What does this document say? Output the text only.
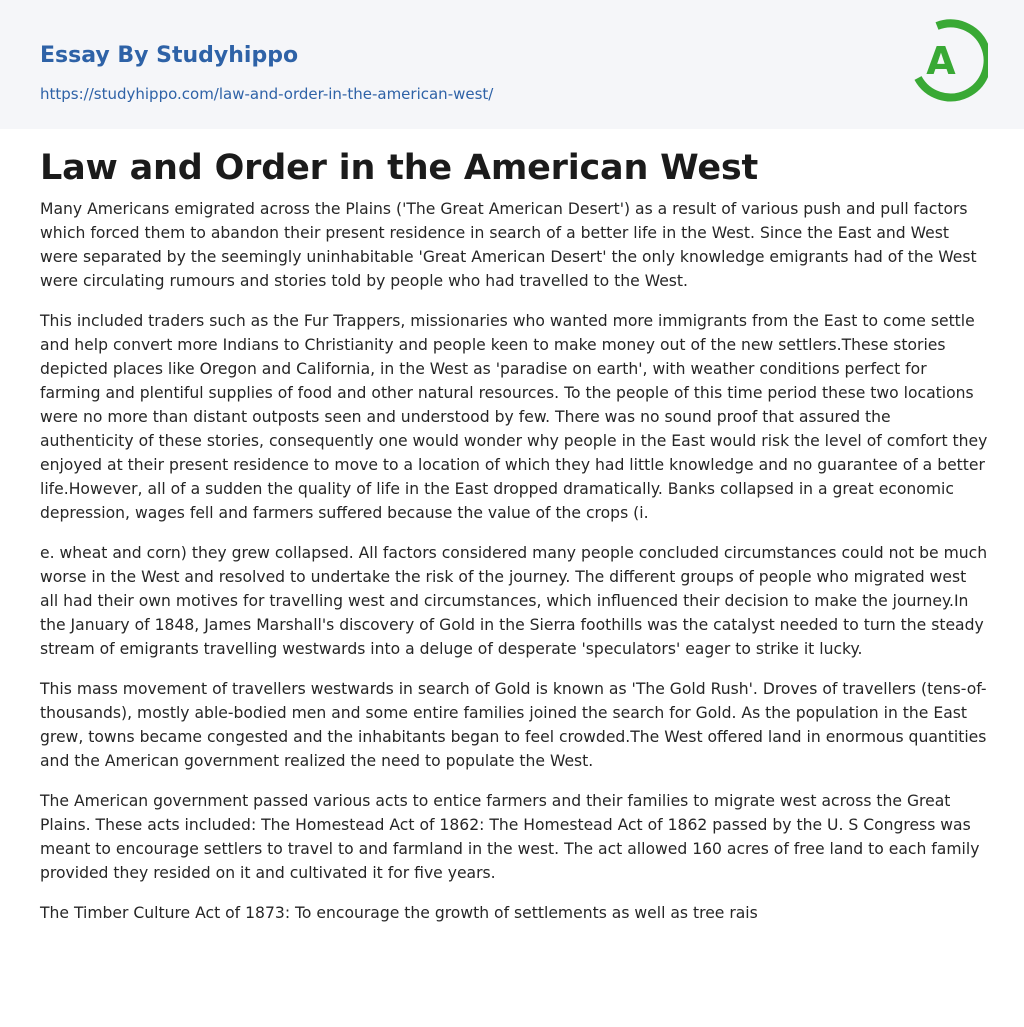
Essay By Studyhippo
https://studyhippo.com/law-and-order-in-the-american-west/
A
Law and Order in the American West

Many Americans emigrated across the Plains ('The Great American Desert') as a result of various push and pull factors which forced them to abandon their present residence in search of a better life in the West. Since the East and West were separated by the seemingly uninhabitable 'Great American Desert' the only knowledge emigrants had of the West were circulating rumours and stories told by people who had travelled to the West.

This included traders such as the Fur Trappers, missionaries who wanted more immigrants from the East to come settle and help convert more Indians to Christianity and people keen to make money out of the new settlers.These stories depicted places like Oregon and California, in the West as 'paradise on earth', with weather conditions perfect for farming and plentiful supplies of food and other natural resources. To the people of this time period these two locations were no more than distant outposts seen and understood by few. There was no sound proof that assured the authenticity of these stories, consequently one would wonder why people in the East would risk the level of comfort they enjoyed at their present residence to move to a location of which they had little knowledge and no guarantee of a better life.However, all of a sudden the quality of life in the East dropped dramatically. Banks collapsed in a great economic depression, wages fell and farmers suffered because the value of the crops (i.

e. wheat and corn) they grew collapsed. All factors considered many people concluded circumstances could not be much worse in the West and resolved to undertake the risk of the journey. The different groups of people who migrated west all had their own motives for travelling west and circumstances, which influenced their decision to make the journey.In the January of 1848, James Marshall's discovery of Gold in the Sierra foothills was the catalyst needed to turn the steady stream of emigrants travelling westwards into a deluge of desperate 'speculators' eager to strike it lucky.

This mass movement of travellers westwards in search of Gold is known as 'The Gold Rush'. Droves of travellers (tens-of-thousands), mostly able-bodied men and some entire families joined the search for Gold. As the population in the East grew, towns became congested and the inhabitants began to feel crowded.The West offered land in enormous quantities and the American government realized the need to populate the West.

The American government passed various acts to entice farmers and their families to migrate west across the Great Plains. These acts included: The Homestead Act of 1862: The Homestead Act of 1862 passed by the U. S Congress was meant to encourage settlers to travel to and farmland in the west. The act allowed 160 acres of free land to each family provided they resided on it and cultivated it for five years.

The Timber Culture Act of 1873: To encourage the growth of settlements as well as tree rais
